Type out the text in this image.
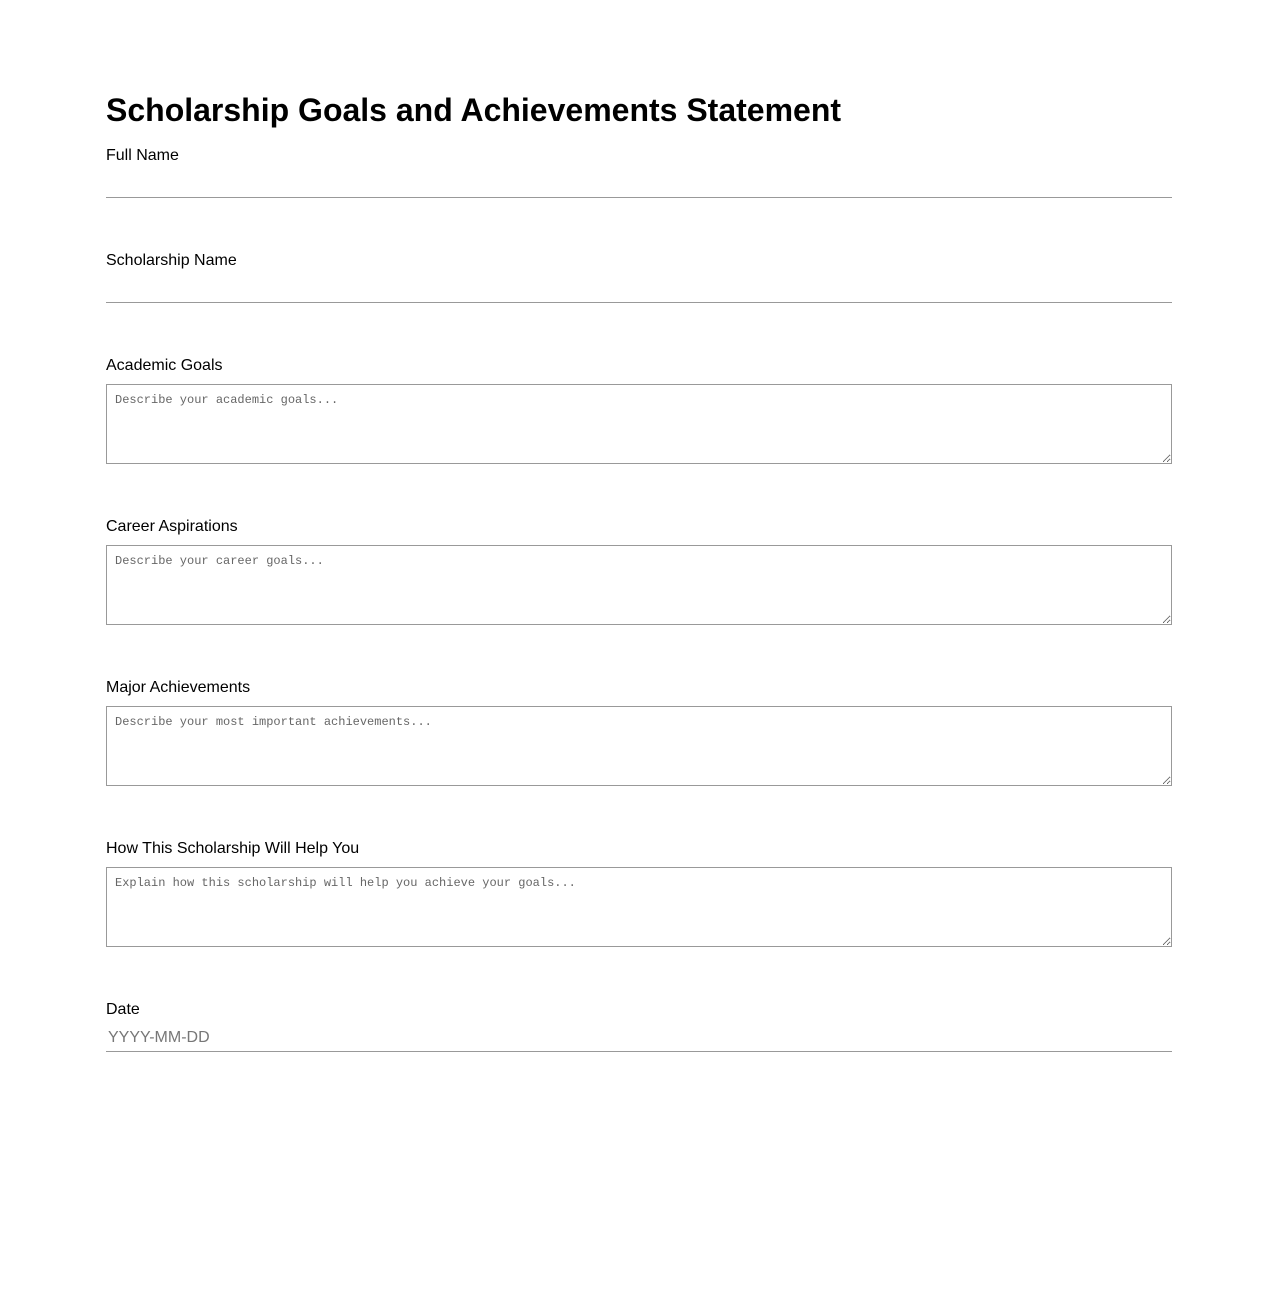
Scholarship Goals and Achievements Statement
Full Name
Scholarship Name
Academic Goals
Describe your academic goals...
Career Aspirations
Describe your career goals...
Major Achievements
Describe your most important achievements...
How This Scholarship Will Help You
Explain how this scholarship will help you achieve your goals...
Date
YYYY-MM-DD
